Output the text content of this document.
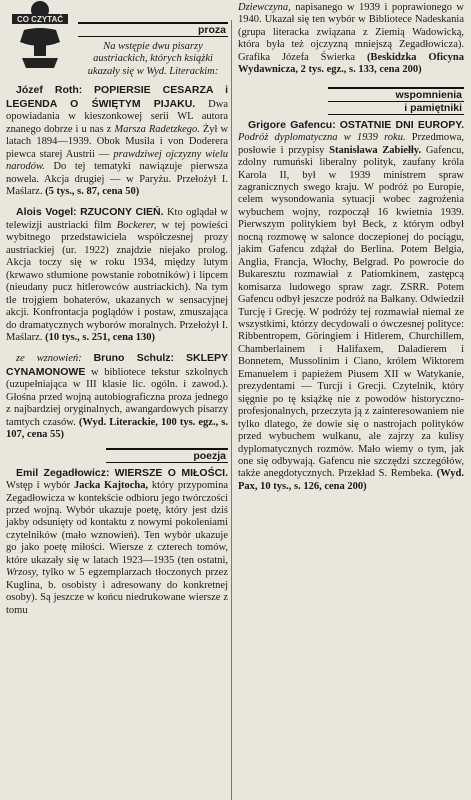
CO CZYTAĆ
proza

Na wstępie dwu pisarzy austriackich, których książki ukazały się w Wyd. Literackim:

Józef Roth: POPIERSIE CESARZA i LEGENDA O ŚWIĘTYM PIJAKU. Dwa opowiadania w kieszonkowej serii WL autora znanego dobrze i u nas z Marsza Radetzkego. Żył w latach 1894—1939. Obok Musila i von Doderera piewca starej Austrii — prawdziwej ojczyzny wielu narodów. Do tej tematyki nawiązuje pierwsza nowela. Akcja drugiej — w Paryżu. Przełożył I. Maślarz. (5 tys., s. 87, cena 50)

Alois Vogel: RZUCONY CIEŃ. Kto oglądał w telewizji austriacki film Bockerer, w tej powieści wybitnego przedstawiciela współczesnej prozy austriackiej (ur. 1922) znajdzie niejako prolog. Akcja toczy się w roku 1934, między lutym (krwawo stłumione powstanie robotników) i lipcem (nieudany pucz hitlerowców austriackich). Na tym tle trojgiem bohaterów, ukazanych w sensacyjnej akcji. Konfrontacja poglądów i postaw, zmuszająca do dramatycznych wyborów moralnych. Przełożył I. Maślarz. (10 tys., s. 251, cena 130)

ze wznowień: Bruno Schulz: SKLEPY CYNAMONOWE w bibliotece tekstur szkolnych (uzupełniająca w III klasie lic. ogóln. i zawod.). Głośna przed wojną autobiograficzna proza jednego z najbardziej oryginalnych, awangardowych pisarzy tamtych czasów. (Wyd. Literackie, 100 tys. egz., s. 107, cena 55)

poezja

Emil Zegadłowicz: WIERSZE O MIŁOŚCI. Wstęp i wybór Jacka Kajtocha, który przypomina Zegadłowicza w kontekście odbioru jego twórczości przed wojną. Wybór ukazuje poetę, który jest dziś jakby odsunięty od kontaktu z nowymi pokoleniami czytelników (mało wznowień). Ten wybór ukazuje go jako poetę miłości. Wiersze z czterech tomów, które ukazały się w latach 1923—1935 (ten ostatni, Wrzosy, tylko w 5 egzemplarzach tłoczonych przez Kuglina, b. osobisty i adresowany do konkretnej osoby). Są jeszcze w końcu niedrukowane wiersze z tomu

Dziewczyna, napisanego w 1939 i poprawionego w 1940. Ukazał się ten wybór w Bibliotece Nadeskania (grupa literacka związana z Ziemią Wadowicką, która była też ojczyzną mniejszą Zegadłowicza). Grafika Józefa Świerka (Beskidzka Oficyna Wydawnicza, 2 tys. egz., s. 133, cena 200)

wspomnienia
i pamiętniki

Grigore Gafencu: OSTATNIE DNI EUROPY. Podróż dyplomatyczna w 1939 roku. Przedmowa, posłowie i przypisy Stanisława Zabiełły. Gafencu, zdolny rumuński liberalny polityk, zaufany króla Karola II, był w 1939 ministrem spraw zagranicznych swego kraju. W podróż po Europie, celem wysondowania sytuacji wobec zagrożenia wybuchem wojny, rozpoczął 16 kwietnia 1939. Pierwszym politykiem był Beck, z którym odbył nocną rozmowę w salonce doczepionej do pociągu, jakim Gafencu zdążał do Berlina. Potem Belgia, Anglia, Francja, Włochy, Belgrad. Po powrocie do Bukaresztu rozmawiał z Patiomkinem, zastępcą komisarza ludowego spraw zagr. ZSRR. Potem Gafencu odbył jeszcze podróż na Bałkany. Odwiedził Turcję i Grecję. W podróży tej rozmawiał niemal ze wszystkimi, którzy decydowali o ówczesnej polityce: Ribbentropem, Göringiem i Hitlerem, Churchillem, Chamberlainem i Halifaxem, Daladierem i Bonnetem, Mussolinim i Ciano, królem Wiktorem Emanuelem i papieżem Piusem XII w Watykanie, prezydentami — Turcji i Grecji. Czytelnik, który sięgnie po tę książkę nie z powodów historyczno-profesjonalnych, przeczyta ją z zainteresowaniem nie tylko dlatego, że dowie się o nastrojach polityków przed wybuchem wulkanu, ale zajrzy za kulisy dyplomatycznych rozmów. Mało wiemy o tym, jak one się odbywają. Gafencu nie szczędzi szczegółów, także anegdotycznych. Przekład S. Rembeka. (Wyd. Pax, 10 tys., s. 126, cena 200)
